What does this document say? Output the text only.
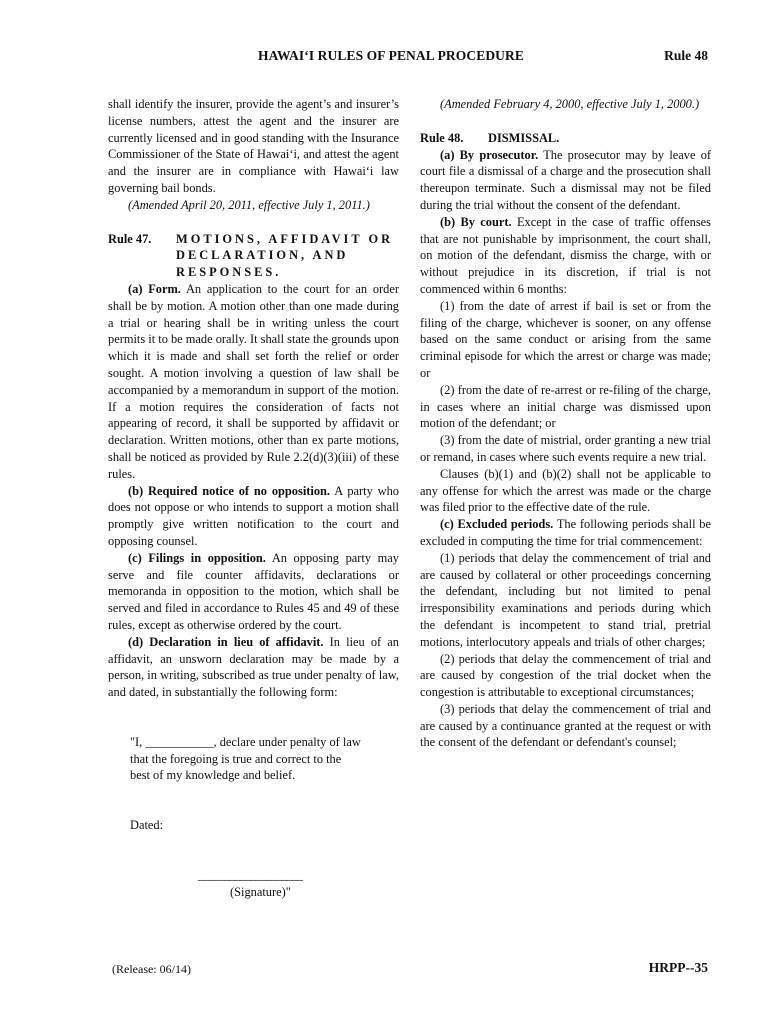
HAWAIʻI RULES OF PENAL PROCEDURE	Rule 48

shall identify the insurer, provide the agent’s and insurer’s license numbers, attest the agent and the insurer are currently licensed and in good standing with the Insurance Commissioner of the State of Hawaiʻi, and attest the agent and the insurer are in compliance with Hawaiʻi law governing bail bonds.

(Amended April 20, 2011, effective July 1, 2011.)

Rule 47.	MOTIONS, AFFIDAVIT OR DECLARATION, AND RESPONSES.

(a) Form. An application to the court for an order shall be by motion. A motion other than one made during a trial or hearing shall be in writing unless the court permits it to be made orally. It shall state the grounds upon which it is made and shall set forth the relief or order sought. A motion involving a question of law shall be accompanied by a memorandum in support of the motion. If a motion requires the consideration of facts not appearing of record, it shall be supported by affidavit or declaration. Written motions, other than ex parte motions, shall be noticed as provided by Rule 2.2(d)(3)(iii) of these rules.

(b) Required notice of no opposition. A party who does not oppose or who intends to support a motion shall promptly give written notification to the court and opposing counsel.

(c) Filings in opposition. An opposing party may serve and file counter affidavits, declarations or memoranda in opposition to the motion, which shall be served and filed in accordance to Rules 45 and 49 of these rules, except as otherwise ordered by the court.

(d) Declaration in lieu of affidavit. In lieu of an affidavit, an unsworn declaration may be made by a person, in writing, subscribed as true under penalty of law, and dated, in substantially the following form:

"I, ___________, declare under penalty of law that the foregoing is true and correct to the best of my knowledge and belief.

Dated:

____________________
(Signature)"

(Amended February 4, 2000, effective July 1, 2000.)

Rule 48. DISMISSAL.

(a) By prosecutor. The prosecutor may by leave of court file a dismissal of a charge and the prosecution shall thereupon terminate. Such a dismissal may not be filed during the trial without the consent of the defendant.

(b) By court. Except in the case of traffic offenses that are not punishable by imprisonment, the court shall, on motion of the defendant, dismiss the charge, with or without prejudice in its discretion, if trial is not commenced within 6 months:

(1) from the date of arrest if bail is set or from the filing of the charge, whichever is sooner, on any offense based on the same conduct or arising from the same criminal episode for which the arrest or charge was made; or

(2) from the date of re-arrest or re-filing of the charge, in cases where an initial charge was dismissed upon motion of the defendant; or

(3) from the date of mistrial, order granting a new trial or remand, in cases where such events require a new trial.

Clauses (b)(1) and (b)(2) shall not be applicable to any offense for which the arrest was made or the charge was filed prior to the effective date of the rule.

(c) Excluded periods. The following periods shall be excluded in computing the time for trial commencement:

(1) periods that delay the commencement of trial and are caused by collateral or other proceedings concerning the defendant, including but not limited to penal irresponsibility examinations and periods during which the defendant is incompetent to stand trial, pretrial motions, interlocutory appeals and trials of other charges;

(2) periods that delay the commencement of trial and are caused by congestion of the trial docket when the congestion is attributable to exceptional circumstances;

(3) periods that delay the commencement of trial and are caused by a continuance granted at the request or with the consent of the defendant or defendant's counsel;

(Release: 06/14)	HRPP--35
